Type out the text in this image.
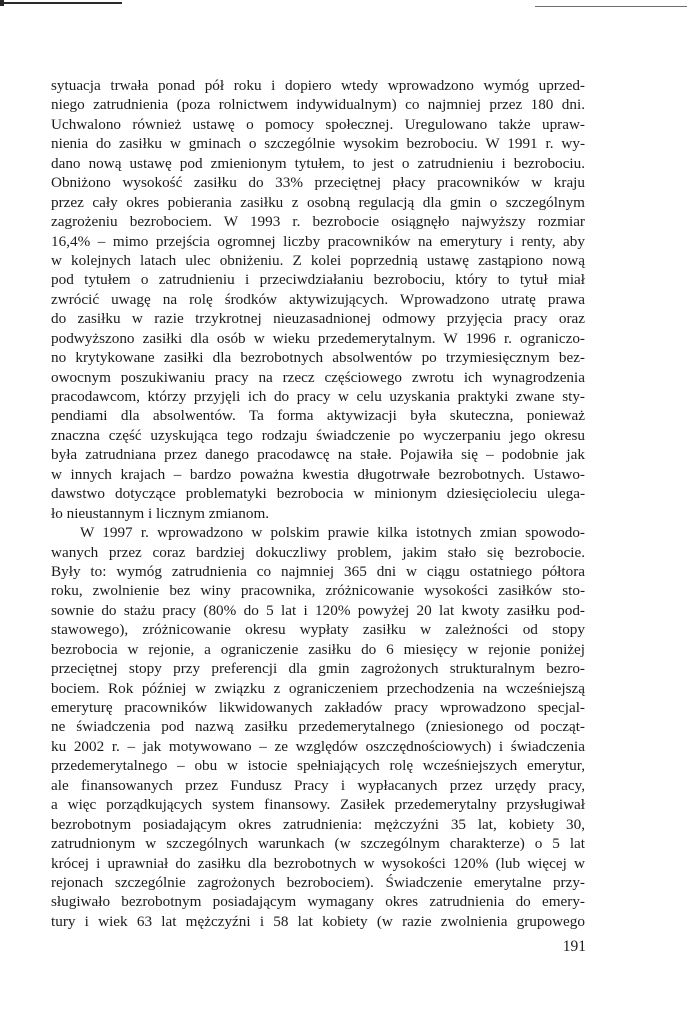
sytuacja trwała ponad pół roku i dopiero wtedy wprowadzono wymóg uprzed-
niego zatrudnienia (poza rolnictwem indywidualnym) co najmniej przez 180 dni.
Uchwalono również ustawę o pomocy społecznej. Uregulowano także upraw-
nienia do zasiłku w gminach o szczególnie wysokim bezrobociu. W 1991 r. wy-
dano nową ustawę pod zmienionym tytułem, to jest o zatrudnieniu i bezrobociu.
Obniżono wysokość zasiłku do 33% przeciętnej płacy pracowników w kraju
przez cały okres pobierania zasiłku z osobną regulacją dla gmin o szczególnym
zagrożeniu bezrobociem. W 1993 r. bezrobocie osiągnęło najwyższy rozmiar
16,4% – mimo przejścia ogromnej liczby pracowników na emerytury i renty, aby
w kolejnych latach ulec obniżeniu. Z kolei poprzednią ustawę zastąpiono nową
pod tytułem o zatrudnieniu i przeciwdziałaniu bezrobociu, który to tytuł miał
zwrócić uwagę na rolę środków aktywizujących. Wprowadzono utratę prawa
do zasiłku w razie trzykrotnej nieuzasadnionej odmowy przyjęcia pracy oraz
podwyższono zasiłki dla osób w wieku przedemerytalnym. W 1996 r. ograniczo-
no krytykowane zasiłki dla bezrobotnych absolwentów po trzymiesięcznym bez-
owocnym poszukiwaniu pracy na rzecz częściowego zwrotu ich wynagrodzenia
pracodawcom, którzy przyjęli ich do pracy w celu uzyskania praktyki zwane sty-
pendiami dla absolwentów. Ta forma aktywizacji była skuteczna, ponieważ
znaczna część uzyskująca tego rodzaju świadczenie po wyczerpaniu jego okresu
była zatrudniana przez danego pracodawcę na stałe. Pojawiła się – podobnie jak
w innych krajach – bardzo poważna kwestia długotrwałe bezrobotnych. Ustawo-
dawstwo dotyczące problematyki bezrobocia w minionym dziesięcioleciu ulega-
ło nieustannym i licznym zmianom.
W 1997 r. wprowadzono w polskim prawie kilka istotnych zmian spowodo-
wanych przez coraz bardziej dokuczliwy problem, jakim stało się bezrobocie.
Były to: wymóg zatrudnienia co najmniej 365 dni w ciągu ostatniego półtora
roku, zwolnienie bez winy pracownika, zróżnicowanie wysokości zasiłków sto-
sownie do stażu pracy (80% do 5 lat i 120% powyżej 20 lat kwoty zasiłku pod-
stawowego), zróżnicowanie okresu wypłaty zasiłku w zależności od stopy
bezrobocia w rejonie, a ograniczenie zasiłku do 6 miesięcy w rejonie poniżej
przeciętnej stopy przy preferencji dla gmin zagrożonych strukturalnym bezro-
bociem. Rok później w związku z ograniczeniem przechodzenia na wcześniejszą
emeryturę pracowników likwidowanych zakładów pracy wprowadzono specjal-
ne świadczenia pod nazwą zasiłku przedemerytalnego (zniesionego od począt-
ku 2002 r. – jak motywowano – ze względów oszczędnościowych) i świadczenia
przedemerytalnego – obu w istocie spełniających rolę wcześniejszych emerytur,
ale finansowanych przez Fundusz Pracy i wypłacanych przez urzędy pracy,
a więc porządkujących system finansowy. Zasiłek przedemerytalny przysługiwał
bezrobotnym posiadającym okres zatrudnienia: mężczyźni 35 lat, kobiety 30,
zatrudnionym w szczególnych warunkach (w szczególnym charakterze) o 5 lat
krócej i uprawniał do zasiłku dla bezrobotnych w wysokości 120% (lub więcej w
rejonach szczególnie zagrożonych bezrobociem). Świadczenie emerytalne przy-
sługiwało bezrobotnym posiadającym wymagany okres zatrudnienia do emery-
tury i wiek 63 lat mężczyźni i 58 lat kobiety (w razie zwolnienia grupowego
191
